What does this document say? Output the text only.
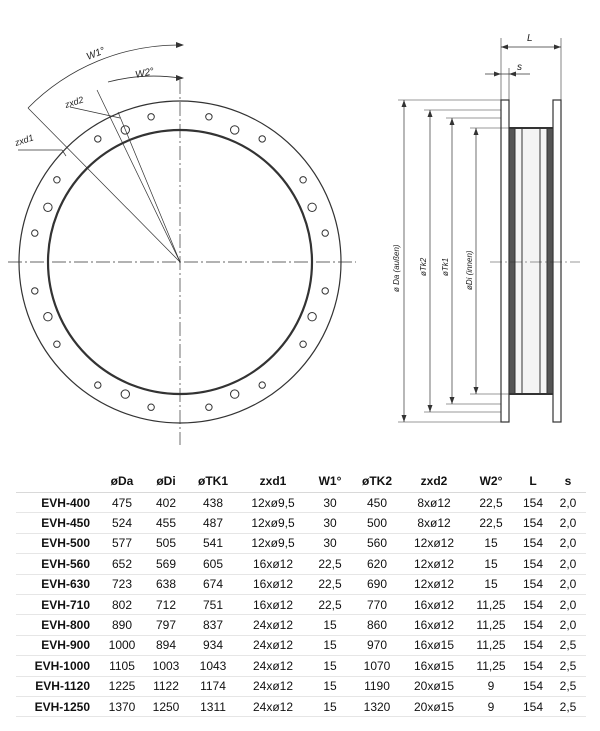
W1°
W2°
zxd2
zxd1
L
s
ø Da (außen) øTk2 øTk1 øDi (innen)
	øDa	øDi	øTK1	zxd1	W1°	øTK2	zxd2	W2°	L	s
EVH-400	475	402	438	12xø9,5	30	450	8xø12	22,5	154	2,0
EVH-450	524	455	487	12xø9,5	30	500	8xø12	22,5	154	2,0
EVH-500	577	505	541	12xø9,5	30	560	12xø12	15	154	2,0
EVH-560	652	569	605	16xø12	22,5	620	12xø12	15	154	2,0
EVH-630	723	638	674	16xø12	22,5	690	12xø12	15	154	2,0
EVH-710	802	712	751	16xø12	22,5	770	16xø12	11,25	154	2,0
EVH-800	890	797	837	24xø12	15	860	16xø12	11,25	154	2,0
EVH-900	1000	894	934	24xø12	15	970	16xø15	11,25	154	2,5
EVH-1000	1105	1003	1043	24xø12	15	1070	16xø15	11,25	154	2,5
EVH-1120	1225	1122	1174	24xø12	15	1190	20xø15	9	154	2,5
EVH-1250	1370	1250	1311	24xø12	15	1320	20xø15	9	154	2,5
